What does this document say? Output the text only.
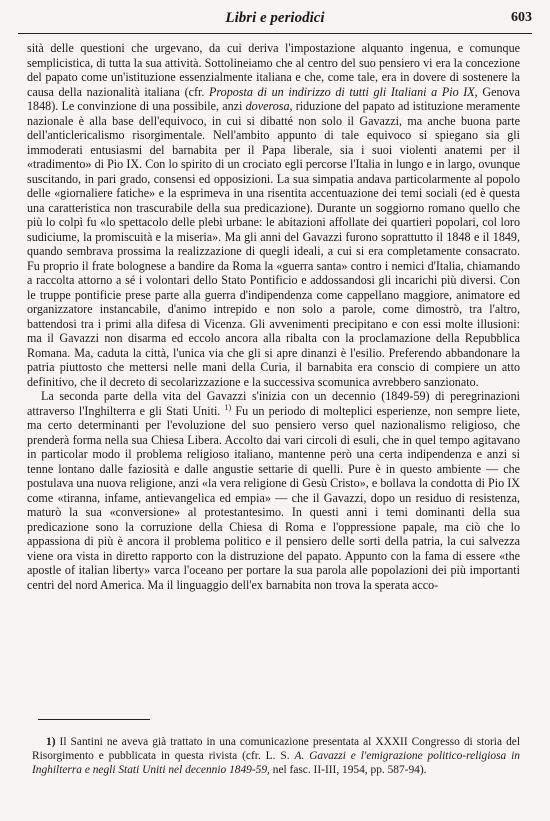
Libri e periodici	603

sità delle questioni che urgevano, da cui deriva l'impostazione alquanto ingenua, e comunque semplicistica, di tutta la sua attività. Sottolineiamo che al centro del suo pensiero vi era la concezione del papato come un'istituzione essenzialmente italiana e che, come tale, era in dovere di sostenere la causa della nazionalità italiana (cfr. Proposta di un indirizzo di tutti gli Italiani a Pio IX, Genova 1848). Le convinzione di una possibile, anzi doverosa, riduzione del papato ad istituzione meramente nazionale è alla base dell'equivoco, in cui si dibatté non solo il Gavazzi, ma anche buona parte dell'anticlericalismo risorgimentale. Nell'ambito appunto di tale equivoco si spiegano sia gli immoderati entusiasmi del barnabita per il Papa liberale, sia i suoi violenti anatemi per il «tradimento» di Pio IX. Con lo spirito di un crociato egli percorse l'Italia in lungo e in largo, ovunque suscitando, in pari grado, consensi ed opposizioni. La sua simpatia andava particolarmente al popolo delle «giornaliere fatiche» e la esprimeva in una risentita accentuazione dei temi sociali (ed è questa una caratteristica non trascurabile della sua predicazione). Durante un soggiorno romano quello che più lo colpì fu «lo spettacolo delle plebi urbane: le abitazioni affollate dei quartieri popolari, col loro sudiciume, la promiscuità e la miseria». Ma gli anni del Gavazzi furono soprattutto il 1848 e il 1849, quando sembrava prossima la realizzazione di quegli ideali, a cui si era completamente consacrato. Fu proprio il frate bolognese a bandire da Roma la «guerra santa» contro i nemici d'Italia, chiamando a raccolta attorno a sé i volontari dello Stato Pontificio e addossandosi gli incarichi più diversi. Con le truppe pontificie prese parte alla guerra d'indipendenza come cappellano maggiore, animatore ed organizzatore instancabile, d'animo intrepido e non solo a parole, come dimostrò, tra l'altro, battendosi tra i primi alla difesa di Vicenza. Gli avvenimenti precipitano e con essi molte illusioni: ma il Gavazzi non disarma ed eccolo ancora alla ribalta con la proclamazione della Repubblica Romana. Ma, caduta la città, l'unica via che gli si apre dinanzi è l'esilio. Preferendo abbandonare la patria piuttosto che mettersi nelle mani della Curia, il barnabita era conscio di compiere un atto definitivo, che il decreto di secolarizzazione e la successiva scomunica avrebbero sanzionato.

La seconda parte della vita del Gavazzi s'inizia con un decennio (1849-59) di peregrinazioni attraverso l'Inghilterra e gli Stati Uniti. $^{1)}$ Fu un periodo di molteplici esperienze, non sempre liete, ma certo determinanti per l'evoluzione del suo pensiero verso quel nazionalismo religioso, che prenderà forma nella sua Chiesa Libera. Accolto dai vari circoli di esuli, che in quel tempo agitavano in particolar modo il problema religioso italiano, mantenne però una certa indipendenza e anzi si tenne lontano dalle faziosità e dalle angustie settarie di quelli. Pure è in questo ambiente — che postulava una nuova religione, anzi «la vera religione di Gesù Cristo», e bollava la condotta di Pio IX come «tiranna, infame, antievangelica ed empia» — che il Gavazzi, dopo un residuo di resistenza, maturò la sua «conversione» al protestantesimo. In questi anni i temi dominanti della sua predicazione sono la corruzione della Chiesa di Roma e l'oppressione papale, ma ciò che lo appassiona di più è ancora il problema politico e il pensiero delle sorti della patria, la cui salvezza viene ora vista in diretto rapporto con la distruzione del papato. Appunto con la fama di essere «the apostle of italian liberty» varca l'oceano per portare la sua parola alle popolazioni dei più importanti centri del nord America. Ma il linguaggio dell'ex barnabita non trova la sperata acco-

1) Il Santini ne aveva già trattato in una comunicazione presentata al XXXII Congresso di storia del Risorgimento e pubblicata in questa rivista (cfr. L. S. A. Gavazzi e l'emigrazione politico-religiosa in Inghilterra e negli Stati Uniti nel decennio 1849-59, nel fasc. II-III, 1954, pp. 587-94).
